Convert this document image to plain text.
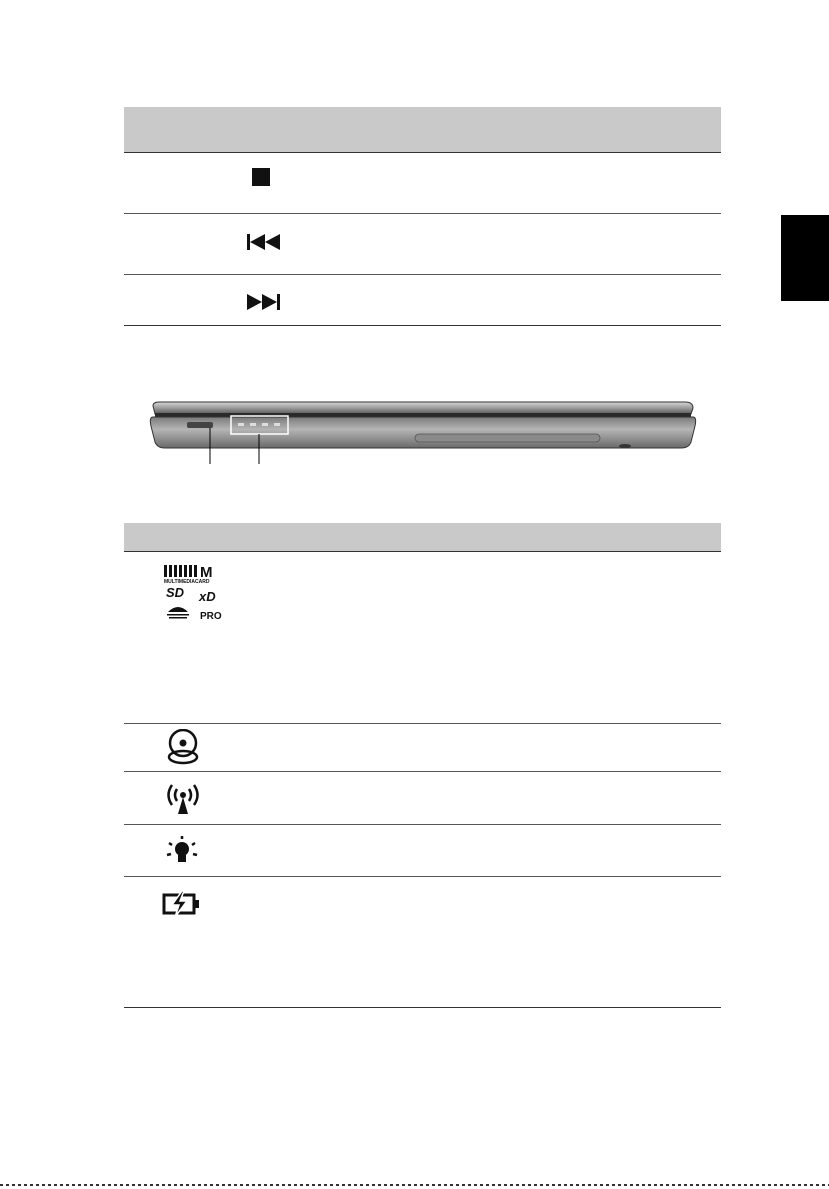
M
MULTIMEDIACARD
SD xD
PRO
